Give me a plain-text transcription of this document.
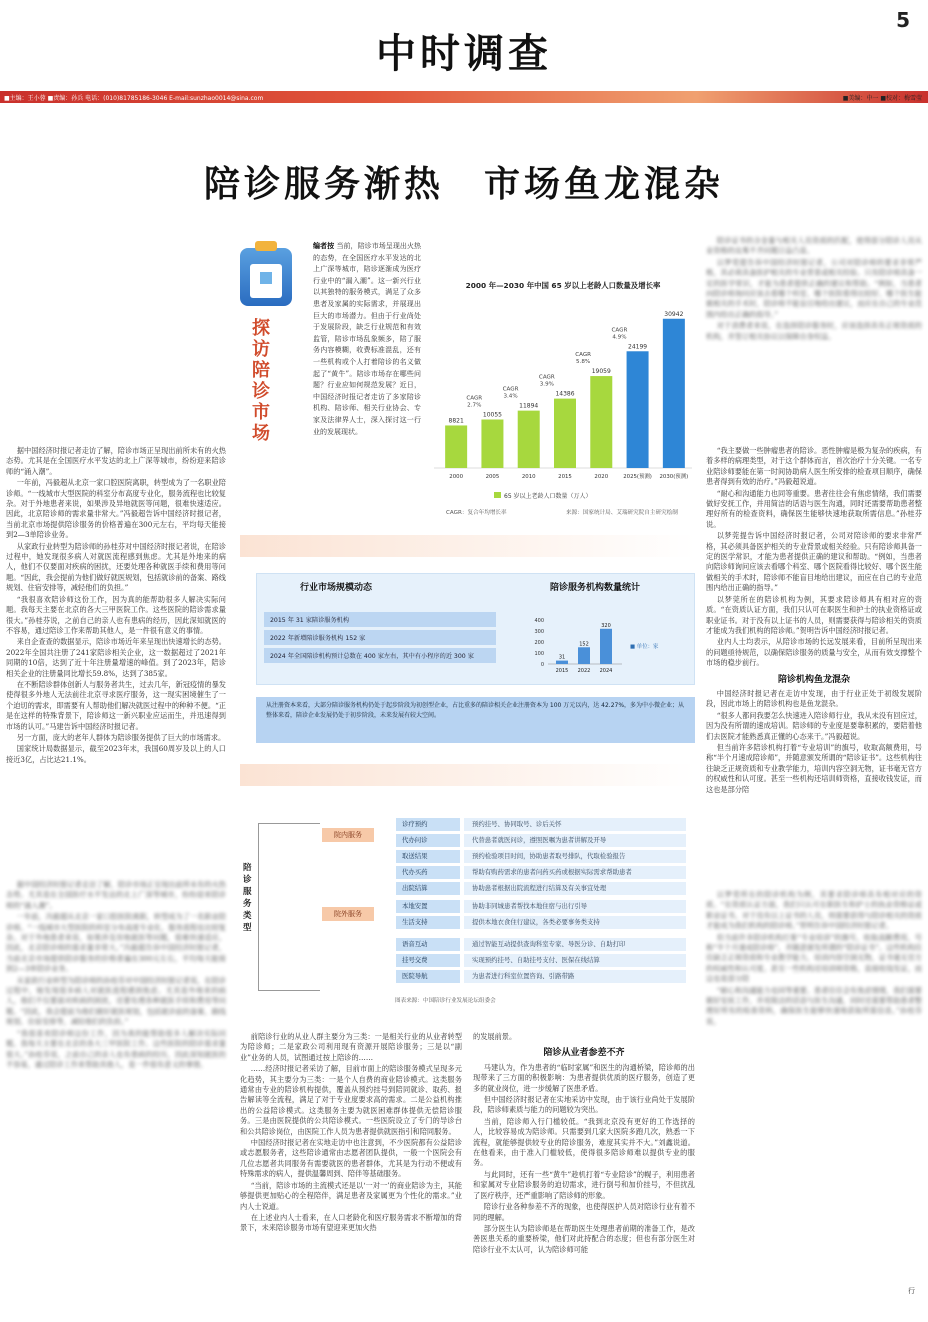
中时调查
5
■主编：王小蓉 ■责编：孙兵 电话：(010)81785186-3046 E-mail:sunzhao0014@sina.com	■美编：中一 ■校对：梅雪莹
陪诊服务渐热　市场鱼龙混杂

据中国经济时报记者走访了解，陪诊市场正呈现出前所未有的火热态势。尤其是在全国医疗水平发达的北上广深等城市，纷纷迎来陪诊师的“涌入潮”。

一年前，冯毅超从北京一家口腔医院离职，转型成为了一名职业陪诊师。“一线城市大型医院的科室分布高度专业化，服务流程也比较复杂。对于外地患者来说，如果涉及异地就医等问题，很难快速适应。因此，北京陪诊师的需求量非常大。”冯毅超告诉中国经济时报记者，当前北京市场提供陪诊服务的价格普遍在300元左右，平均每天能接到2—3单陪诊业务。

从家政行业转型为陪诊师的孙桂芬对中国经济时报记者说，在陪诊过程中，她发现很多病人对就医流程感到焦虑。尤其是外地来的病人，他们不仅要面对疾病的困扰，还要处理各种就医手续和费用等问题。“因此，我会提前为他们做好就医规划，包括就诊前的备案、路线规划、住宿安排等，减轻他们的负担。”

“我很喜欢陪诊师这份工作，因为真的能帮助很多人解决实际问题。我每天主要在北京的各大三甲医院工作。这些医院的陪诊需求量很大。”孙桂芬说，之前自己的亲人也有患病的经历，因此深知就医的不容易，通过陪诊工作来帮助其他人，是一件很有意义的事情。

来自企查查的数据显示，陪诊市场近年来呈现出快速增长的态势。2022年全国共注册了241家陪诊相关企业，这一数据超过了2021年同期的10倍，达到了近十年注册量增速的峰值。到了2023年，陪诊相关企业的注册量同比增长59.8%，达到了385家。

在不断陪诊群体创新人与服务者共生，过去几年，新冠疫情的暴发使得很多外地人无法前往北京寻求医疗服务，这一现实困境催生了一个迫切的需求，即需要有人帮助他们解决就医过程中的种种不便。“正是在这样的特殊背景下，陪诊师这一新兴职业应运而生，并迅速得到市场的认可。”马建告诉中国经济时报记者。

另一方面，庞大的老年人群体为陪诊服务提供了巨大的市场需求。

国家统计局数据显示，截至2023年末，我国60周岁及以上的人口接近3亿，占比达21.1%。

据中国经济时报记者走访了解，陪诊市场正呈现出前所未有的火热态势。尤其是在全国医疗水平发达的北上广深等城市，纷纷迎来陪诊师的“涌入潮”。

一年前，冯毅超从北京一家口腔医院离职，转型成为了一名职业陪诊师。“一线城市大型医院的科室分布高度专业化，服务流程也比较复杂。对于外地患者来说，如果涉及异地就医等问题，很难快速适应。因此，北京陪诊师的需求量非常大。”冯毅超告诉中国经济时报记者，当前北京市场提供陪诊服务的价格普遍在300元左右，平均每天能接到2—3单陪诊业务。

从家政行业转型为陪诊师的孙桂芬对中国经济时报记者说，在陪诊过程中，她发现很多病人对就医流程感到焦虑。尤其是外地来的病人，他们不仅要面对疾病的困扰，还要处理各种就医手续和费用等问题。“因此，我会提前为他们做好就医规划，包括就诊前的备案、路线规划、住宿安排等，减轻他们的负担。”

“我很喜欢陪诊师这份工作，因为真的能帮助很多人解决实际问题。我每天主要在北京的各大三甲医院工作。这些医院的陪诊需求量很大。”孙桂芬说，之前自己的亲人也有患病的经历，因此深知就医的不容易，通过陪诊工作来帮助其他人，是一件很有意义的事情。

陪诊证书的含金量与相关人员资质的匹配，使得部分陪诊人员从业资格的良莠不齐问题日益凸显。

以梦莞提告诉中国经济时报记者，公司对陪诊师的要求非常严格，其必须具备医护相关的专业背景或相关经验。只有陪诊师具备一定的医学常识，才能为患者提供正确的建议和帮助。“例如，当患者向陪诊师询问应该去看哪个科室、哪个医院看得比较好、哪个医生能做相关的手术时，陪诊师不能盲目地给出建议，而应在自己的专业范围内给出正确的指导。”

对于消费者来说，在选择陪诊服务时，应该选择具有正规资质的机构，并签订相关协议以保障自身权益。

“我主要做一些肿瘤患者的陪诊。恶性肿瘤是极为复杂的疾病，有着多样的病理类型，对于这个群体而言，首次治疗十分关键。一名专业陪诊师要能在第一时间协助病人医生所安排的检查项目顺序，确保患者得到有效的治疗。”冯毅超说道。

“耐心和沟通能力也同等重要。患者往往会有焦虑情绪，我们需要做好安抚工作，并用简洁的话语与医生沟通，同时还需要帮助患者整理好所有的检查资料，确保医生能够快速地获取所需信息。”孙桂芬说。

以梦莞提告诉中国经济时报记者，公司对陪诊师的要求非常严格，其必须具备医护相关的专业背景或相关经验。只有陪诊师具备一定的医学常识，才能为患者提供正确的建议和帮助。“例如，当患者向陪诊师询问应该去看哪个科室、哪个医院看得比较好、哪个医生能做相关的手术时，陪诊师不能盲目地给出建议，而应在自己的专业范围内给出正确的指导。”

以梦莞所在的陪诊机构为例，其要求陪诊师具有相对应的资质。“在资质认证方面，我们只认可在职医生和护士的执业资格证或职业证书。对于没有以上证书的人员，则需要获得与陪诊相关的资质才能成为我们机构的陪诊师。”贺明告诉中国经济时报记者。

业内人士均表示，从陪诊市场的长远发展来看，目前所呈现出来的问题亟待规范，以确保陪诊服务的质量与安全，从而有效支撑整个市场的稳步前行。

陪诊机构鱼龙混杂

中国经济时报记者在走访中发现，由于行业正处于初级发展阶段，因此市场上的陪诊机构也是鱼龙混杂。

“很多人都问我要怎么快速进入陪诊师行业，我从未没有回应过，因为没有所谓的速成培训。陪诊师的专业度是要靠积累的，要陪着他们去医院才能熟悉真正懂的心态来干。”冯毅超说。

但当前许多陪诊机构打着“专业培训”的旗号，收取高额费用，号称“半个月速成陪诊师”，并随意颁发所谓的“陪诊证书”。这些机构往往缺乏正规资质和专业教学能力，培训内容空洞无物，证书毫无官方的权威性和认可度。甚至一些机构还培训师资格，直接收钱发证，而这也是部分陪

以梦莞所在的陪诊机构为例，其要求陪诊师具有相对应的资质。“在资质认证方面，我们只认可在职医生和护士的执业资格证或职业证书。对于没有以上证书的人员，则需要获得与陪诊相关的资质才能成为我们机构的陪诊师。”贺明告诉中国经济时报记者。

但当前许多陪诊机构打着“专业培训”的旗号，收取高额费用，号称“半个月速成陪诊师”，并随意颁发所谓的“陪诊证书”。这些机构往往缺乏正规资质和专业教学能力，培训内容空洞无物，证书毫无官方的权威性和认可度。甚至一些机构还培训师资格，直接收钱发证，而这也是部分陪

“耐心和沟通能力也同等重要。患者往往会有焦虑情绪，我们需要做好安抚工作，并用简洁的话语与医生沟通，同时还需要帮助患者整理好所有的检查资料，确保医生能够快速地获取所需信息。”孙桂芬说。

探访陪诊市场
编者按 当前，陪诊市场呈现出火热的态势，在全国医疗水平发达的北上广深等城市，陪诊逐渐成为医疗行业中的“漏入潮”。这一新兴行业以其独特的服务模式，满足了众多患者及家属的实际需求，并展现出巨大的市场潜力。但由于行业尚处于发展阶段，缺乏行业规范和有效监管，陪诊市场乱象频多，陪了服务内容模糊，收费标准混乱，还有一些机构或个人打着陪诊的名义做起了“黄牛”。陪诊市场存在哪些问题？行业应如何规范发展？近日，中国经济时报记者走访了多家陪诊机构、陪诊师、相关行业协会、专家及法律界人士，深入探讨这一行业的发展现状。
2000 年—2030 年中国 65 岁以上老龄人口数量及增长率
8821
2000
10055
2005
11894
2010
14386
2015
19059
2020
24199
2025(预测)
30942
2030(预测)
CAGR
2.7%
CAGR
3.4%
CAGR
3.9%
CAGR
5.8%
CAGR
4.9%
65 岁以上老龄人口数量（万人）
CAGR：复合年均增长率	来源：国家统计局、艾瑞研究院自主研究绘制
行业市场规模动态	陪诊服务机构数量统计
2015 年 31 家陪诊服务机构
2022 年新增陪诊服务机构 152 家
2024 年全国陪诊机构预计总数在 400 家左右，其中有小程序的近 300 家
400
300
200
100
0
31
2015
152
2022
320
2024
■ 单位：家
从注册资本来看，大部分陪诊服务机构仍处于起步阶段为初创型企业，占比重多的陪诊相关企业注册资本为 100 万元以内，达 42.27%，多为中小微企业；从整体来看，陪诊企业发展仍处于初步阶段，未来发展有较大空间。
陪诊服务类型
院内服务
院外服务
诊疗预约	预约挂号、协同取号、诊后关怀
代办问诊	代替患者就医问诊，遵照医嘱为患者讲解及开导
取送结果	预约检验项目时间，协助患者取号排队，代取检验报告
代办买药	帮助有购药需求的患者问药买药或根据实际需求帮助患者
出院结算	协助患者根据出院流程进行结算及有关事宜处理
本地安置	协助非同城患者帮找本地住宿与出行引导
生活支持	提供本地衣食住行建议，各类必要事务类支持
语音互动	通过智能互动提供查询科室专家、导医分诊、自助打印
挂号交费	实现预约挂号、自助挂号支付、医保在线结算
医院导航	为患者进行科室位置咨询、引路带路
图表来源：中国陪诊行业发展论坛组委会

前陪诊行业的从业人群主要分为三类：一是相关行业的从业者转型为陪诊师；二是家政公司利用现有资源开展陪诊服务；三是以“副业”业务的人员，试图通过按上陪诊的……

……经济时报记者采访了解，目前市面上的陪诊服务模式呈现多元化趋势，其主要分为三类：一是个人自费的商业陪诊模式。这类服务通常由专业的陪诊机构提供，覆盖从预约挂号到陪同就诊、取药、报告解读等全流程，满足了对于专业度要求高的需求。二是公益机构推出的公益陪诊模式。这类服务主要为就医困难群体提供无偿陪诊服务。三是由医院提供的公共陪诊模式。一些医院设立了专门的导诊台和公共陪诊岗位，由医院工作人员为患者提供就医指引和陪同服务。

中国经济时报记者在实地走访中也注意到，不少医院都有公益陪诊或志愿服务者，这些陪诊通常由志愿者团队提供，一般一个医院会有几位志愿者共同服务有需要就医的患者群体，尤其是为行动不便或有特殊需求的病人，提供温馨周到、陪伴等基础服务。

“当前，陪诊市场的主流模式还是以‘一对一’的商业陪诊为主，其能够提供更加贴心的全程陪伴，满足患者及家属更为个性化的需求。”业内人士说道。

在上述业内人士看来，在人口老龄化和医疗服务需求不断增加的背景下，未来陪诊服务市场有望迎来更加火热

的发展前景。

陪诊从业者参差不齐

马建认为，作为患者的“临时家属”和医生的沟通桥梁，陪诊师的出现带来了三方面的积极影响：为患者提供优质的医疗服务，创造了更多的就业岗位，进一步缓解了医患矛盾。

但中国经济时报记者在实地采访中发现，由于该行业尚处于发展阶段，陪诊师素质与能力的问题较为突出。

当前，陪诊师入行门槛较低。“我到北京没有更好的工作选择的人，比较容易成为陪诊师。只需要到几家大医院多跑几次，熟悉一下流程，就能够提供较专业的陪诊服务，难度其实并不大。”刘鑫说道。在他看来，由于准入门槛较低，使得很多陪诊师难以提供专业的服务。

与此同时，还有一些“黄牛”趁机打着“专业陪诊”的幌子，利用患者和家属对专业陪诊服务的迫切需求，进行倒号和加价挂号，不但扰乱了医疗秩序，还严重影响了陪诊师的形象。

陪诊行业各种参差不齐的现象，也使得医护人员对陪诊行业有着不同的理解。

部分医生认为陪诊师是在帮助医生处理患者前期的准备工作，是改善医患关系的重要桥梁，他们对此持配合的态度；但也有部分医生对陪诊行业不太认可，认为陪诊师可能

行
